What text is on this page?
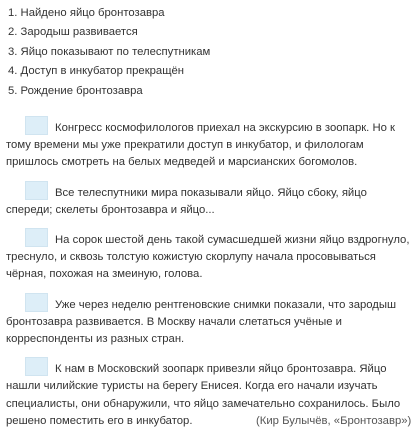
1. Найдено яйцо бронтозавра
2. Зародыш развивается
3. Яйцо показывают по телеспутникам
4. Доступ в инкубатор прекращён
5. Рождение бронтозавра

Конгресс космофилологов приехал на экскурсию в зоопарк. Но к
тому времени мы уже прекратили доступ в инкубатор, и филологам
пришлось смотреть на белых медведей и марсианских богомолов.

Все телеспутники мира показывали яйцо. Яйцо сбоку, яйцо
спереди; скелеты бронтозавра и яйцо...

На сорок шестой день такой сумасшедшей жизни яйцо вздрогнуло,
треснуло, и сквозь толстую кожистую скорлупу начала просовываться
чёрная, похожая на змеиную, голова.

Уже через неделю рентгеновские снимки показали, что зародыш
бронтозавра развивается. В Москву начали слетаться учёные и
корреспонденты из разных стран.

К нам в Московский зоопарк привезли яйцо бронтозавра. Яйцо
нашли чилийские туристы на берегу Енисея. Когда его начали изучать
специалисты, они обнаружили, что яйцо замечательно сохранилось. Было
решено поместить его в инкубатор.	(Кир Булычёв, «Бронтозавр»)
